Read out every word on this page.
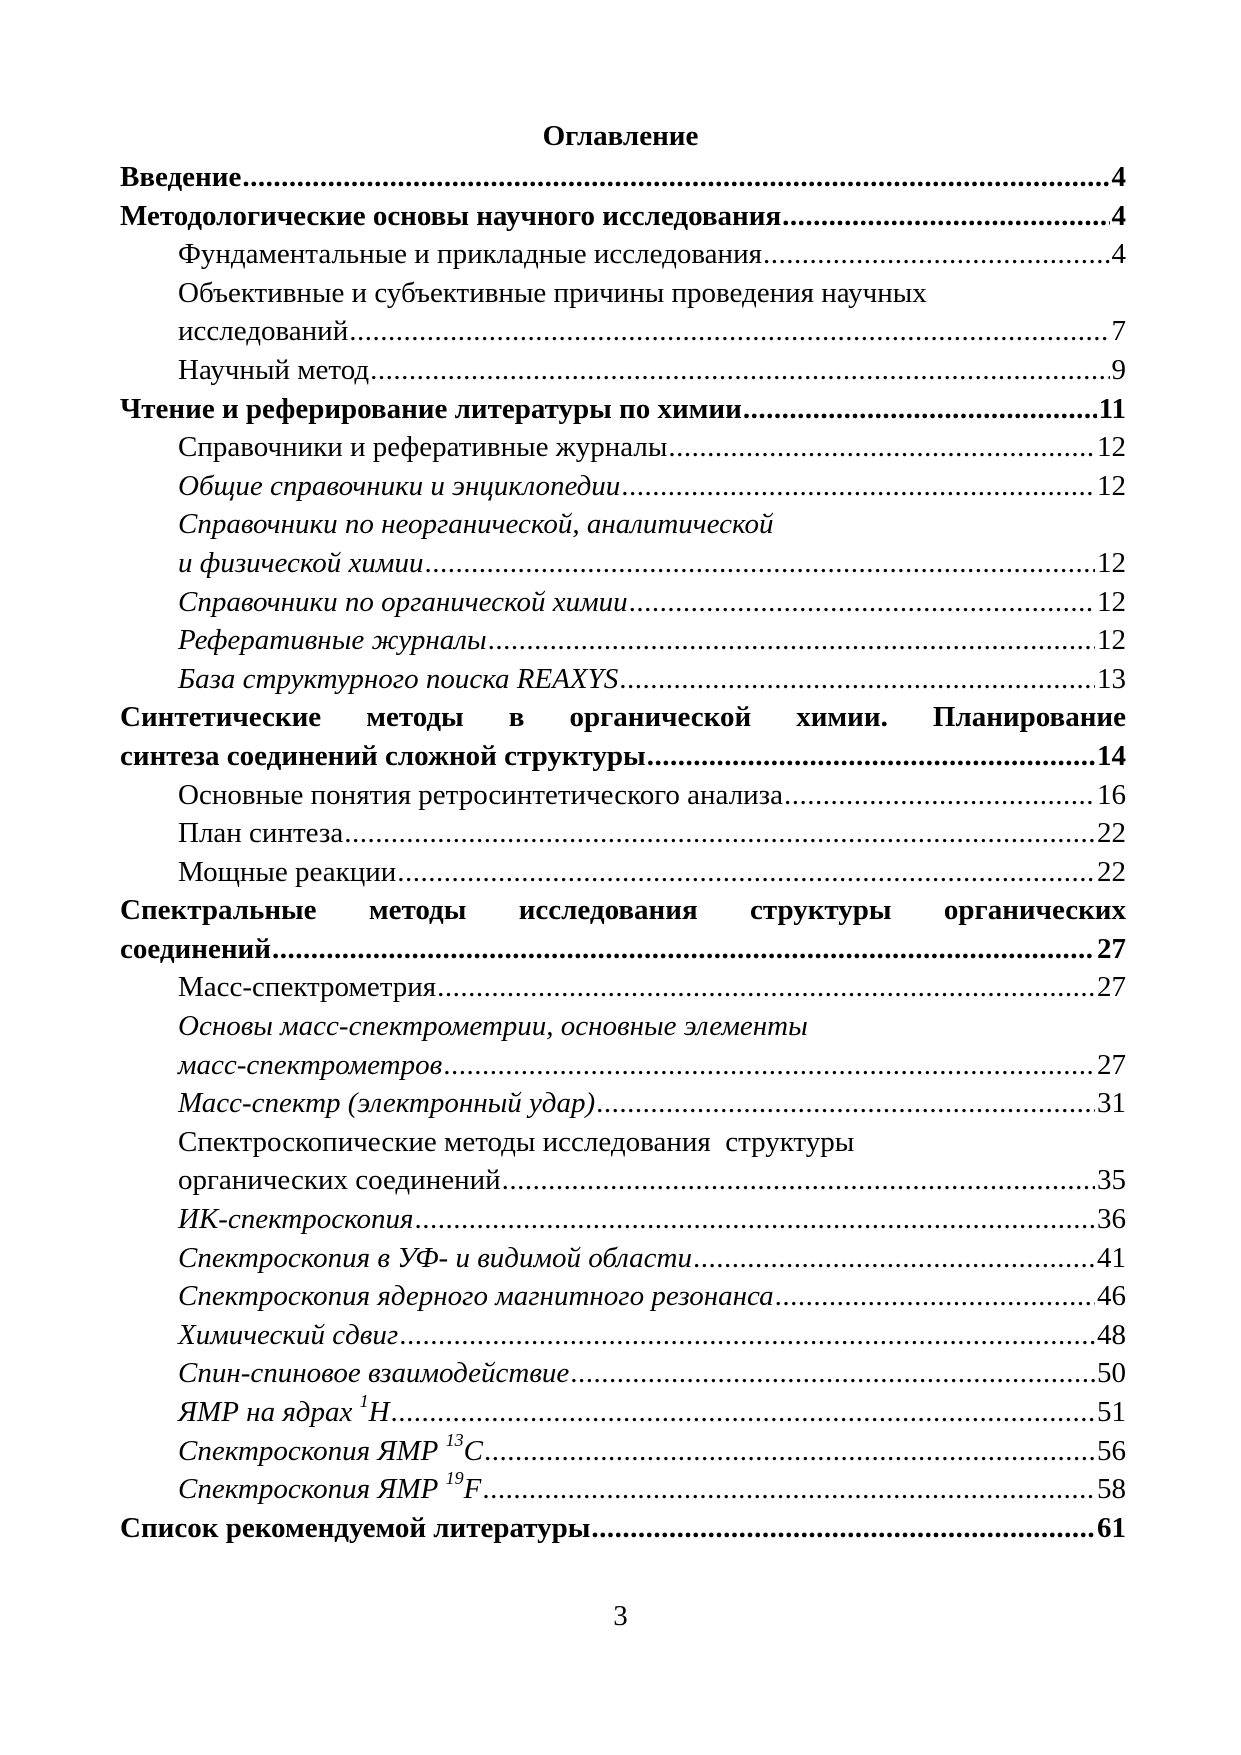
Оглавление
Введение .....	4
Методологические основы научного исследования .....	4
Фундаментальные и прикладные исследования .....	4
Объективные и субъективные причины проведения научных
исследований .....	7
Научный метод .....	9
Чтение и реферирование литературы по химии .....	11
Справочники и реферативные журналы .....	12
Общие справочники и энциклопедии .....	12
Справочники по неорганической, аналитической
и физической химии .....	12
Справочники по органической химии .....	12
Реферативные журналы .....	12
База структурного поиска REAXYS .....	13
Синтетические методы в органической химии. Планирование
синтеза соединений сложной структуры .....	14
Основные понятия ретросинтетического анализа .....	16
План синтеза .....	22
Мощные реакции .....	22
Спектральные методы исследования структуры органических
соединений .....	27
Масс-спектрометрия .....	27
Основы масс-спектрометрии, основные элементы
масс-спектрометров .....	27
Масс-спектр (электронный удар) .....	31
Спектроскопические методы исследования  структуры
органических соединений .....	35
ИК-спектроскопия .....	36
Спектроскопия в УФ- и видимой области .....	41
Спектроскопия ядерного магнитного резонанса .....	46
Химический сдвиг .....	48
Спин-спиновое взаимодействие .....	50
ЯМР на ядрах $^1$H .....	51
Спектроскопия ЯМР $^{13}$C .....	56
Спектроскопия ЯМР $^{19}$F .....	58
Список рекомендуемой литературы .....	61
3
